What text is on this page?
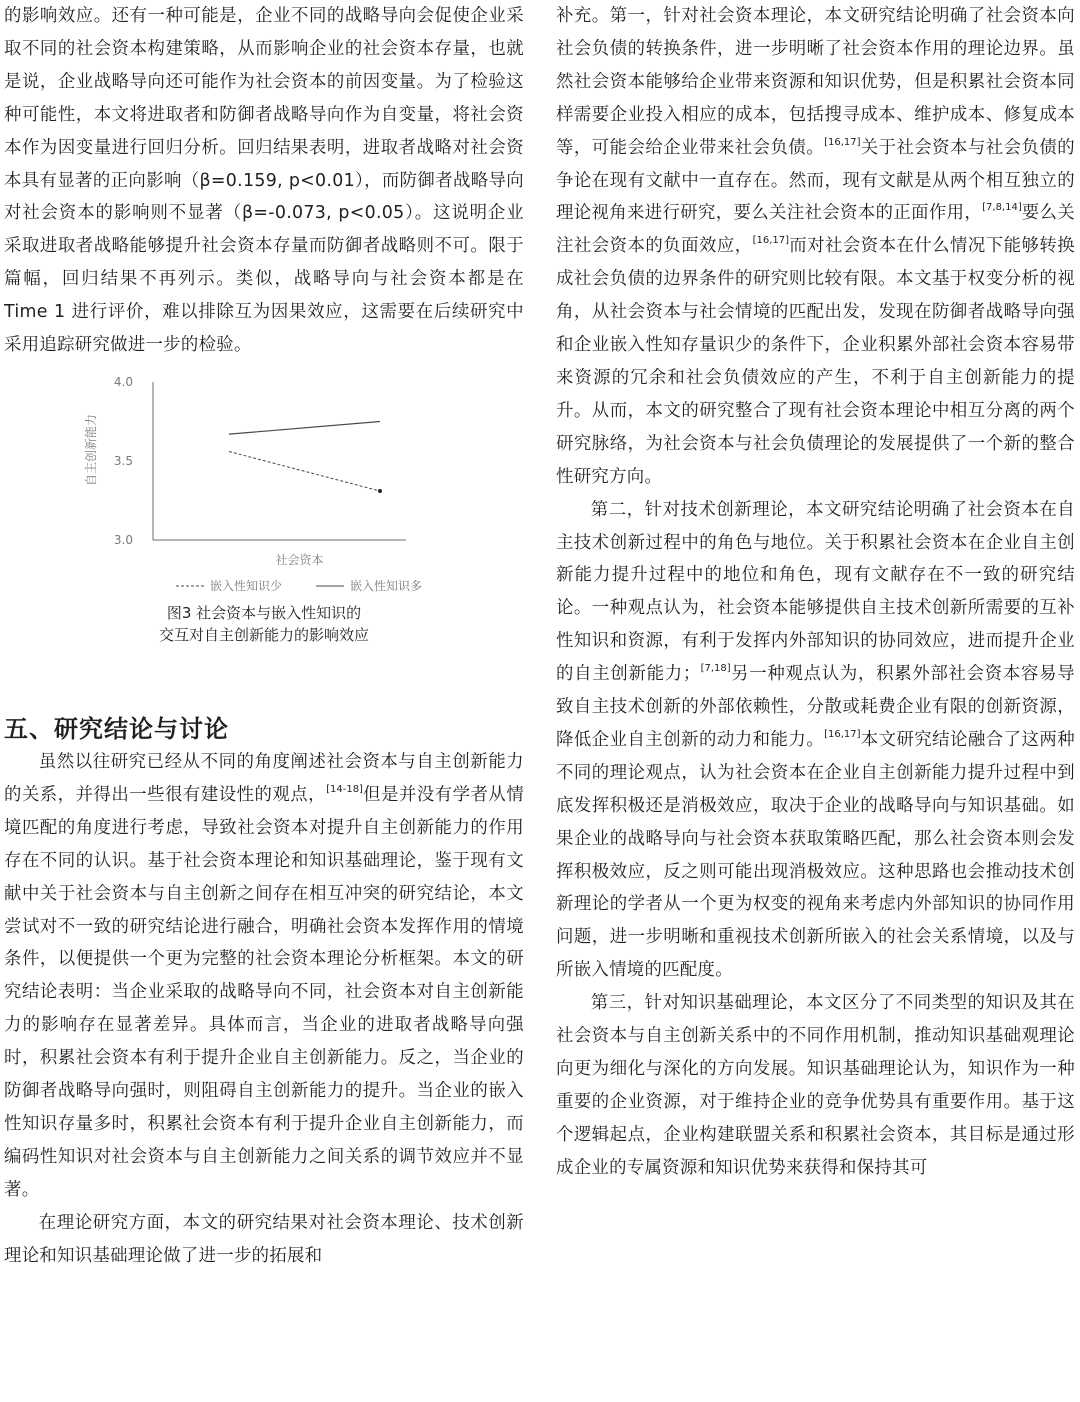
的影响效应。还有一种可能是，企业不同的战略导向会促使企业采取不同的社会资本构建策略，从而影响企业的社会资本存量，也就是说，企业战略导向还可能作为社会资本的前因变量。为了检验这种可能性，本文将进取者和防御者战略导向作为自变量，将社会资本作为因变量进行回归分析。回归结果表明，进取者战略对社会资本具有显著的正向影响（β=0.159, p<0.01），而防御者战略导向对社会资本的影响则不显著（β=-0.073, p<0.05）。这说明企业采取进取者战略能够提升社会资本存量而防御者战略则不可。限于篇幅，回归结果不再列示。类似，战略导向与社会资本都是在 Time 1 进行评价，难以排除互为因果效应，这需要在后续研究中采用追踪研究做进一步的检验。

4.0
3.5
3.0
自主创新能力
社会资本
嵌入性知识少	嵌入性知识多
图3 社会资本与嵌入性知识的
交互对自主创新能力的影响效应
五、研究结论与讨论

虽然以往研究已经从不同的角度阐述社会资本与自主创新能力的关系，并得出一些很有建设性的观点，[14-18]但是并没有学者从情境匹配的角度进行考虑，导致社会资本对提升自主创新能力的作用存在不同的认识。基于社会资本理论和知识基础理论，鉴于现有文献中关于社会资本与自主创新之间存在相互冲突的研究结论，本文尝试对不一致的研究结论进行融合，明确社会资本发挥作用的情境条件，以便提供一个更为完整的社会资本理论分析框架。本文的研究结论表明：当企业采取的战略导向不同，社会资本对自主创新能力的影响存在显著差异。具体而言，当企业的进取者战略导向强时，积累社会资本有利于提升企业自主创新能力。反之，当企业的防御者战略导向强时，则阻碍自主创新能力的提升。当企业的嵌入性知识存量多时，积累社会资本有利于提升企业自主创新能力，而编码性知识对社会资本与自主创新能力之间关系的调节效应并不显著。

在理论研究方面，本文的研究结果对社会资本理论、技术创新理论和知识基础理论做了进一步的拓展和

补充。第一，针对社会资本理论，本文研究结论明确了社会资本向社会负债的转换条件，进一步明晰了社会资本作用的理论边界。虽然社会资本能够给企业带来资源和知识优势，但是积累社会资本同样需要企业投入相应的成本，包括搜寻成本、维护成本、修复成本等，可能会给企业带来社会负债。[16,17]关于社会资本与社会负债的争论在现有文献中一直存在。然而，现有文献是从两个相互独立的理论视角来进行研究，要么关注社会资本的正面作用，[7,8,14]要么关注社会资本的负面效应，[16,17]而对社会资本在什么情况下能够转换成社会负债的边界条件的研究则比较有限。本文基于权变分析的视角，从社会资本与社会情境的匹配出发，发现在防御者战略导向强和企业嵌入性知存量识少的条件下，企业积累外部社会资本容易带来资源的冗余和社会负债效应的产生，不利于自主创新能力的提升。从而，本文的研究整合了现有社会资本理论中相互分离的两个研究脉络，为社会资本与社会负债理论的发展提供了一个新的整合性研究方向。

第二，针对技术创新理论，本文研究结论明确了社会资本在自主技术创新过程中的角色与地位。关于积累社会资本在企业自主创新能力提升过程中的地位和角色，现有文献存在不一致的研究结论。一种观点认为，社会资本能够提供自主技术创新所需要的互补性知识和资源，有利于发挥内外部知识的协同效应，进而提升企业的自主创新能力；[7,18]另一种观点认为，积累外部社会资本容易导致自主技术创新的外部依赖性，分散或耗费企业有限的创新资源，降低企业自主创新的动力和能力。[16,17]本文研究结论融合了这两种不同的理论观点，认为社会资本在企业自主创新能力提升过程中到底发挥积极还是消极效应，取决于企业的战略导向与知识基础。如果企业的战略导向与社会资本获取策略匹配，那么社会资本则会发挥积极效应，反之则可能出现消极效应。这种思路也会推动技术创新理论的学者从一个更为权变的视角来考虑内外部知识的协同作用问题，进一步明晰和重视技术创新所嵌入的社会关系情境，以及与所嵌入情境的匹配度。

第三，针对知识基础理论，本文区分了不同类型的知识及其在社会资本与自主创新关系中的不同作用机制，推动知识基础观理论向更为细化与深化的方向发展。知识基础理论认为，知识作为一种重要的企业资源，对于维持企业的竞争优势具有重要作用。基于这个逻辑起点，企业构建联盟关系和积累社会资本，其目标是通过形成企业的专属资源和知识优势来获得和保持其可
